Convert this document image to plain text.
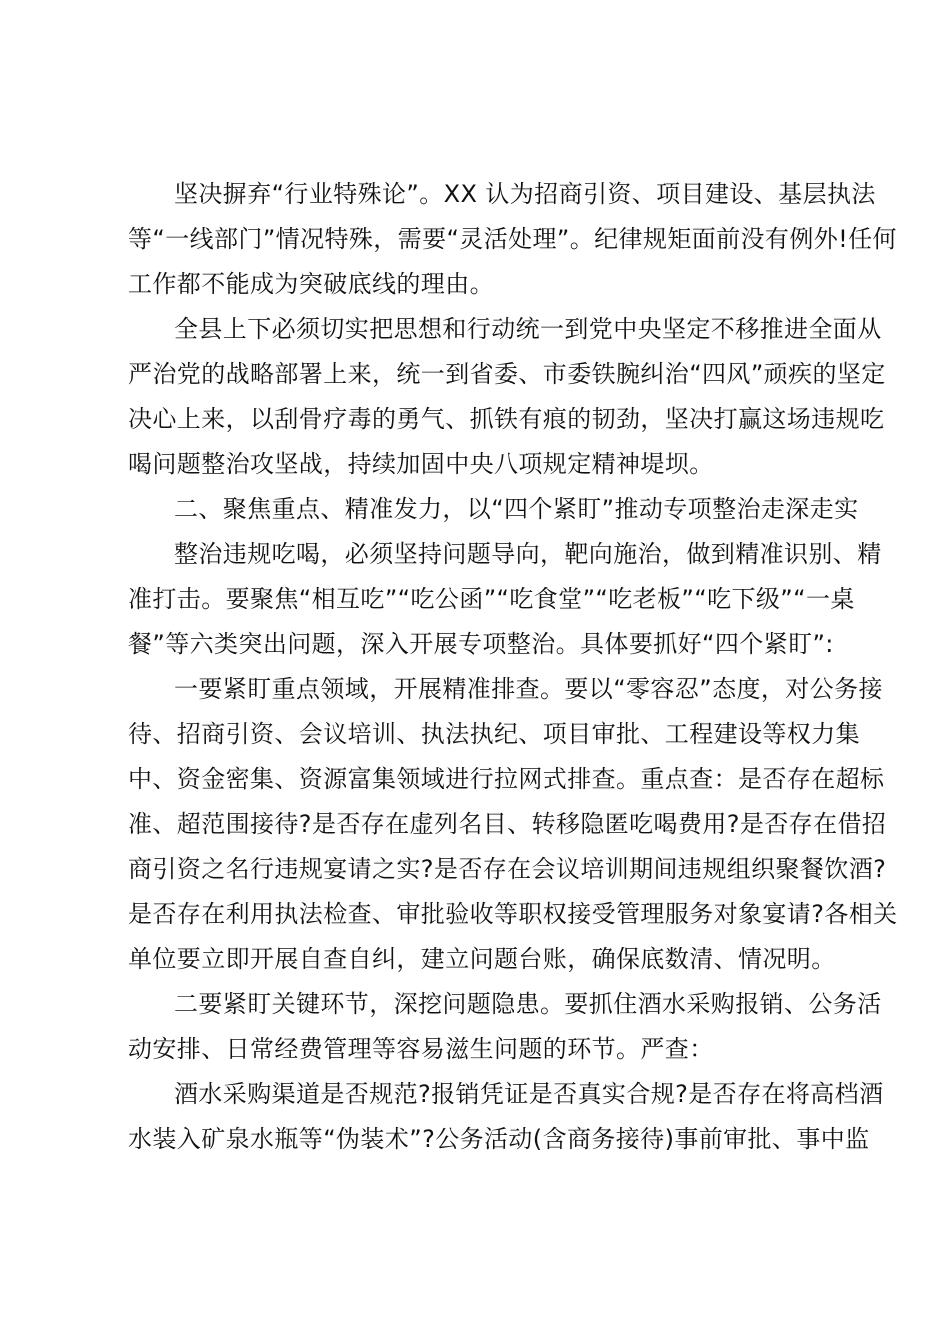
坚决摒弃“行业特殊论”。XX 认为招商引资、项目建设、基层执法

等“一线部门”情况特殊，需要“灵活处理”。纪律规矩面前没有例外!任何

工作都不能成为突破底线的理由。

全县上下必须切实把思想和行动统一到党中央坚定不移推进全面从

严治党的战略部署上来，统一到省委、市委铁腕纠治“四风”顽疾的坚定

决心上来，以刮骨疗毒的勇气、抓铁有痕的韧劲，坚决打赢这场违规吃

喝问题整治攻坚战，持续加固中央八项规定精神堤坝。

二、聚焦重点、精准发力，以“四个紧盯”推动专项整治走深走实

整治违规吃喝，必须坚持问题导向，靶向施治，做到精准识别、精

准打击。要聚焦“相互吃”“吃公函”“吃食堂”“吃老板”“吃下级”“一桌

餐”等六类突出问题，深入开展专项整治。具体要抓好“四个紧盯”:

一要紧盯重点领域，开展精准排查。要以“零容忍”态度，对公务接

待、招商引资、会议培训、执法执纪、项目审批、工程建设等权力集

中、资金密集、资源富集领域进行拉网式排查。重点查：是否存在超标

准、超范围接待?是否存在虚列名目、转移隐匿吃喝费用?是否存在借招

商引资之名行违规宴请之实?是否存在会议培训期间违规组织聚餐饮酒?

是否存在利用执法检查、审批验收等职权接受管理服务对象宴请?各相关

单位要立即开展自查自纠，建立问题台账，确保底数清、情况明。

二要紧盯关键环节，深挖问题隐患。要抓住酒水采购报销、公务活

动安排、日常经费管理等容易滋生问题的环节。严查：

酒水采购渠道是否规范?报销凭证是否真实合规?是否存在将高档酒

水装入矿泉水瓶等“伪装术”?公务活动(含商务接待)事前审批、事中监
